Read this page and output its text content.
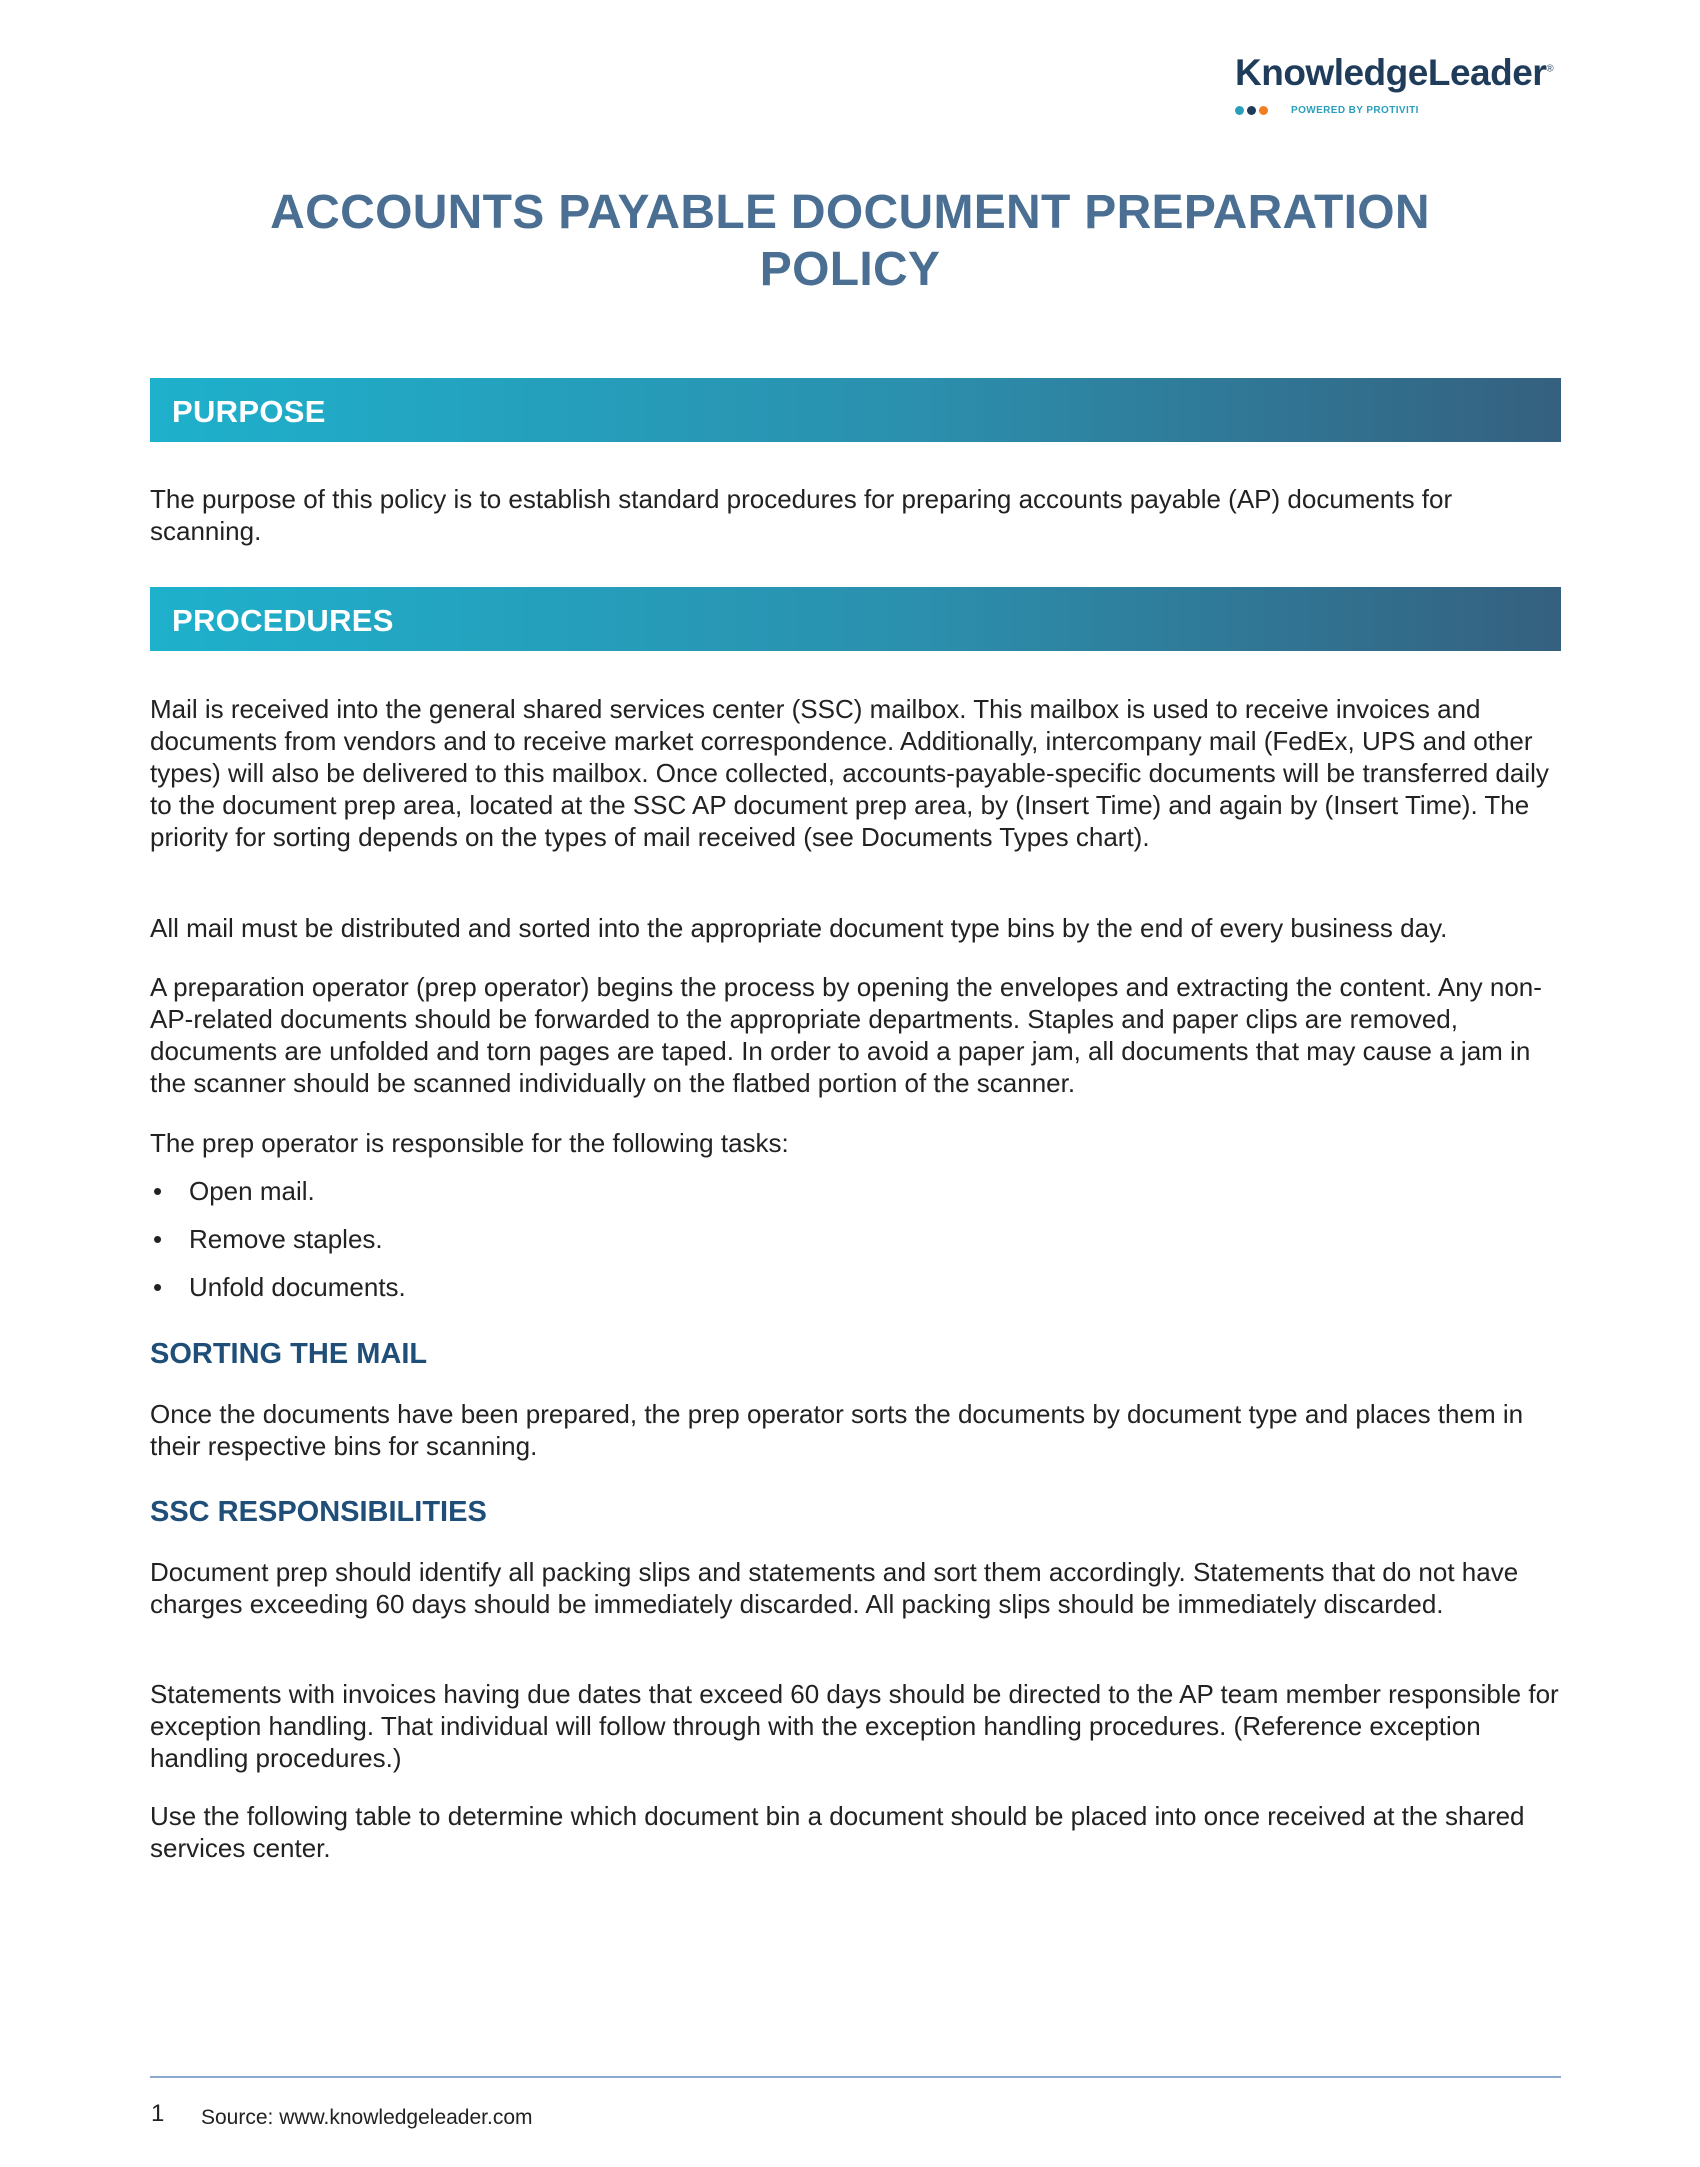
KnowledgeLeader®
POWERED BY PROTIVITI
ACCOUNTS PAYABLE DOCUMENT PREPARATION
POLICY
PURPOSE

The purpose of this policy is to establish standard procedures for preparing accounts payable (AP) documents for scanning.

PROCEDURES

Mail is received into the general shared services center (SSC) mailbox. This mailbox is used to receive invoices and documents from vendors and to receive market correspondence. Additionally, intercompany mail (FedEx, UPS and other types) will also be delivered to this mailbox. Once collected, accounts-payable-specific documents will be transferred daily to the document prep area, located at the SSC AP document prep area, by (Insert Time) and again by (Insert Time). The priority for sorting depends on the types of mail received (see Documents Types chart).

All mail must be distributed and sorted into the appropriate document type bins by the end of every business day.

A preparation operator (prep operator) begins the process by opening the envelopes and extracting the content. Any non-AP-related documents should be forwarded to the appropriate departments. Staples and paper clips are removed, documents are unfolded and torn pages are taped. In order to avoid a paper jam, all documents that may cause a jam in the scanner should be scanned individually on the flatbed portion of the scanner.

The prep operator is responsible for the following tasks:

• Open mail.
• Remove staples.
• Unfold documents.
SORTING THE MAIL

Once the documents have been prepared, the prep operator sorts the documents by document type and places them in their respective bins for scanning.

SSC RESPONSIBILITIES

Document prep should identify all packing slips and statements and sort them accordingly. Statements that do not have charges exceeding 60 days should be immediately discarded. All packing slips should be immediately discarded.

Statements with invoices having due dates that exceed 60 days should be directed to the AP team member responsible for exception handling. That individual will follow through with the exception handling procedures. (Reference exception handling procedures.)

Use the following table to determine which document bin a document should be placed into once received at the shared services center.

1 Source: www.knowledgeleader.com
